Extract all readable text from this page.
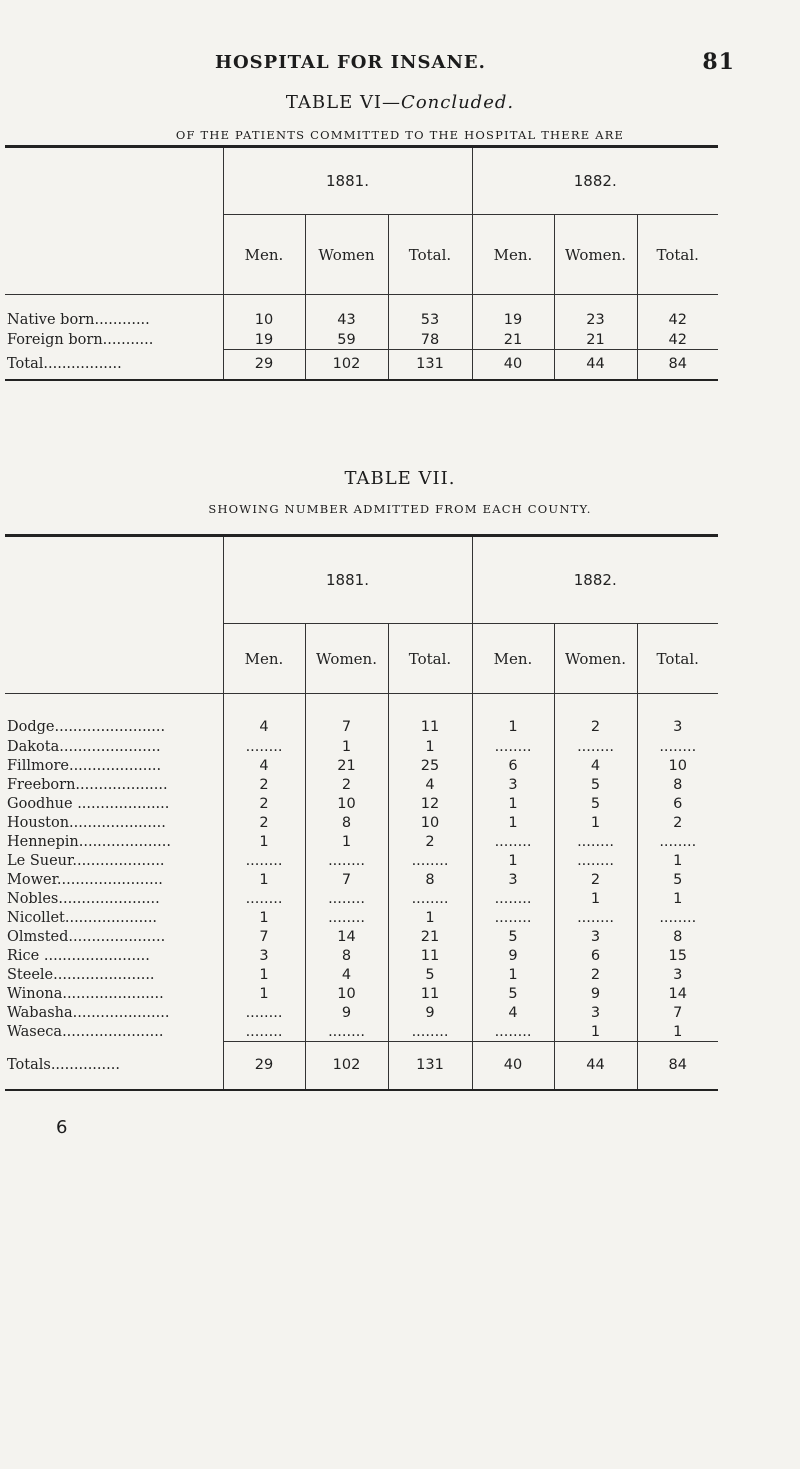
HOSPITAL FOR INSANE.	81
TABLE VI—Concluded.
OF THE PATIENTS COMMITTED TO THE HOSPITAL THERE ARE
	1881.			1882.		
	Men.	Women	Total.	Men.	Women.	Total.
Native born............	10	43	53	19	23	42
Foreign born...........	19	59	78	21	21	42
Total.................	29	102	131	40	44	84
TABLE VII.
SHOWING NUMBER ADMITTED FROM EACH COUNTY.
	1881.			1882.		
	Men.	Women.	Total.	Men.	Women.	Total.
Dodge........................	4	7	11	1	2	3
Dakota......................	........	1	1	........	........	........
Fillmore....................	4	21	25	6	4	10
Freeborn....................	2	2	4	3	5	8
Goodhue ....................	2	10	12	1	5	6
Houston.....................	2	8	10	1	1	2
Hennepin....................	1	1	2	........	........	........
Le Sueur....................	........	........	........	1	........	1
Mower.......................	1	7	8	3	2	5
Nobles......................	........	........	........	........	1	1
Nicollet....................	1	........	1	........	........	........
Olmsted.....................	7	14	21	5	3	8
Rice .......................	3	8	11	9	6	15
Steele......................	1	4	5	1	2	3
Winona......................	1	10	11	5	9	14
Wabasha.....................	........	9	9	4	3	7
Waseca......................	........	........	........	........	1	1
Totals...............	29	102	131	40	44	84
6
